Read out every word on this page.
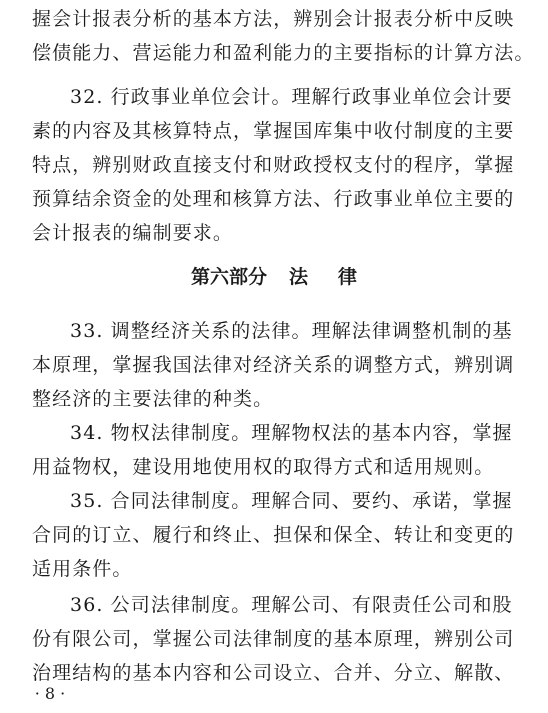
握会计报表分析的基本方法，辨别会计报表分析中反映
偿债能力、营运能力和盈利能力的主要指标的计算方法。
32. 行政事业单位会计。理解行政事业单位会计要
素的内容及其核算特点，掌握国库集中收付制度的主要
特点，辨别财政直接支付和财政授权支付的程序，掌握
预算结余资金的处理和核算方法、行政事业单位主要的
会计报表的编制要求。
第六部分 法 律
33. 调整经济关系的法律。理解法律调整机制的基
本原理，掌握我国法律对经济关系的调整方式，辨别调
整经济的主要法律的种类。
34. 物权法律制度。理解物权法的基本内容，掌握
用益物权，建设用地使用权的取得方式和适用规则。
35. 合同法律制度。理解合同、要约、承诺，掌握
合同的订立、履行和终止、担保和保全、转让和变更的
适用条件。
36. 公司法律制度。理解公司、有限责任公司和股
份有限公司，掌握公司法律制度的基本原理，辨别公司
治理结构的基本内容和公司设立、合并、分立、解散、
· 8 ·
